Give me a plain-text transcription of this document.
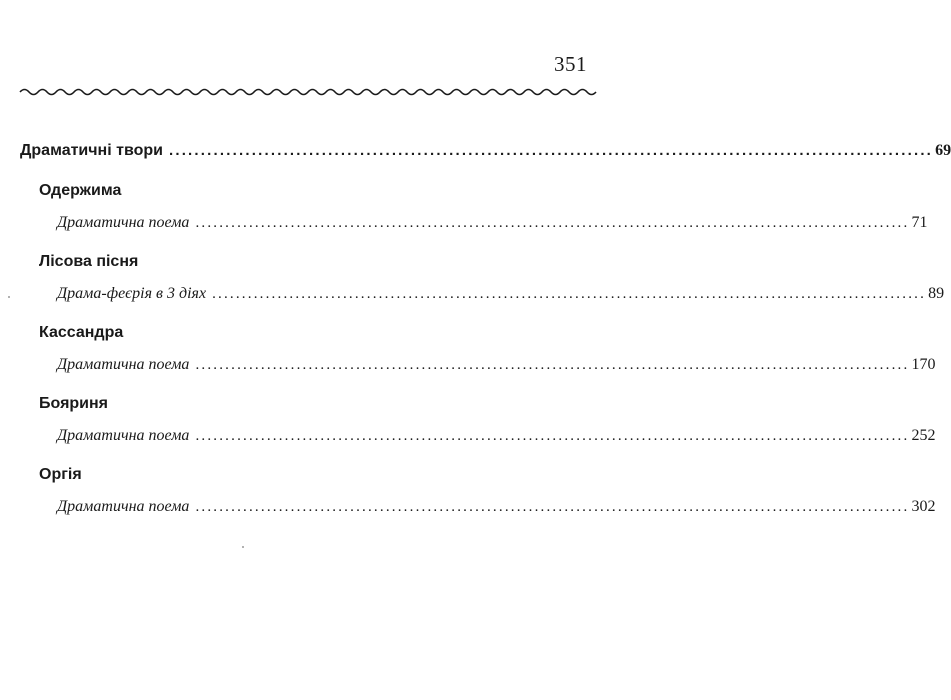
351
Драматичні твори ........................................................................................................................ 69
Одержима
Драматична поема ........................................................................................................................ 71
Лісова пісня
Драма-феєрія в 3 діях ........................................................................................................................ 89
Кассандра
Драматична поема ........................................................................................................................ 170
Бояриня
Драматична поема ........................................................................................................................ 252
Оргія
Драматична поема ........................................................................................................................ 302
